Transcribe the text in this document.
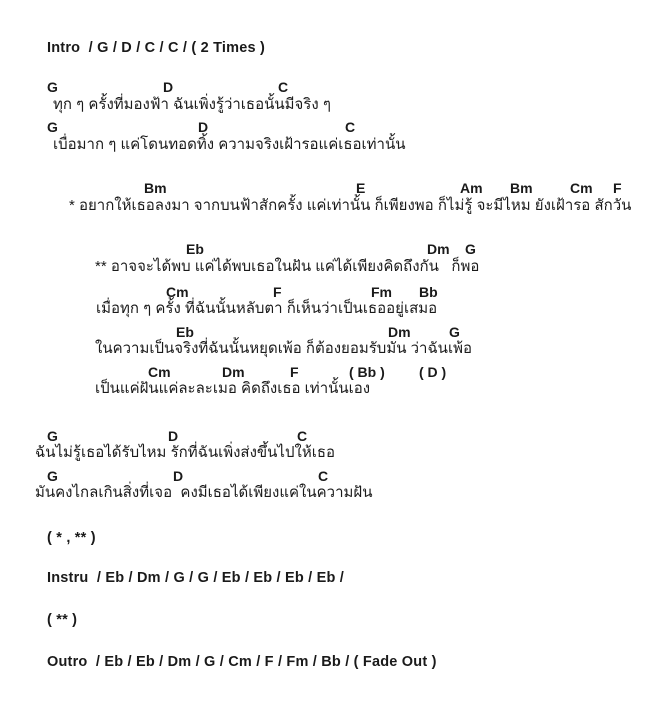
Intro  / G / D / C / C / ( 2 Times )

G

	D

	C

ทุก ๆ ครั้งที่มองฟ้า ฉันเพิ่งรู้ว่าเธอนั้นมีจริง ๆ

G

	D

	C

เบื่อมาก ๆ แค่โดนทอดทิ้ง ความจริงเฝ้ารอแค่เธอเท่านั้น

Bm

	E

	Am

Bm

	Cm

F

* อยากให้เธอลงมา จากบนฟ้าสักครั้ง แค่เท่านั้น ก็เพียงพอ ก็ไม่รู้ จะมีไหม ยังเฝ้ารอ สักวัน

Eb

	Dm

G

** อาจจะได้พบ แค่ได้พบเธอในฝัน แค่ได้เพียงคิดถึงกัน   ก็พอ

Cm

	F

	Fm

Bb

เมื่อทุก ๆ ครั้ง ที่ฉันนั้นหลับตา ก็เห็นว่าเป็นเธออยู่เสมอ

Eb

	Dm

	G

ในความเป็นจริงที่ฉันนั้นหยุดเพ้อ ก็ต้องยอมรับมัน ว่าฉันเพ้อ

Cm

	Dm

	F

	( Bb )

( D )

เป็นแค่ฝันแค่ละละเมอ คิดถึงเธอ เท่านั้นเอง

G

	D

	C

ฉันไม่รู้เธอได้รับไหม รักที่ฉันเพิ่งส่งขึ้นไปให้เธอ

G

	D

	C

มันคงไกลเกินสิ่งที่เจอ  คงมีเธอได้เพียงแค่ในความฝัน
( * , ** )
Instru  / Eb / Dm / G / G / Eb / Eb / Eb / Eb /
( ** )
Outro  / Eb / Eb / Dm / G / Cm / F / Fm / Bb / ( Fade Out )
